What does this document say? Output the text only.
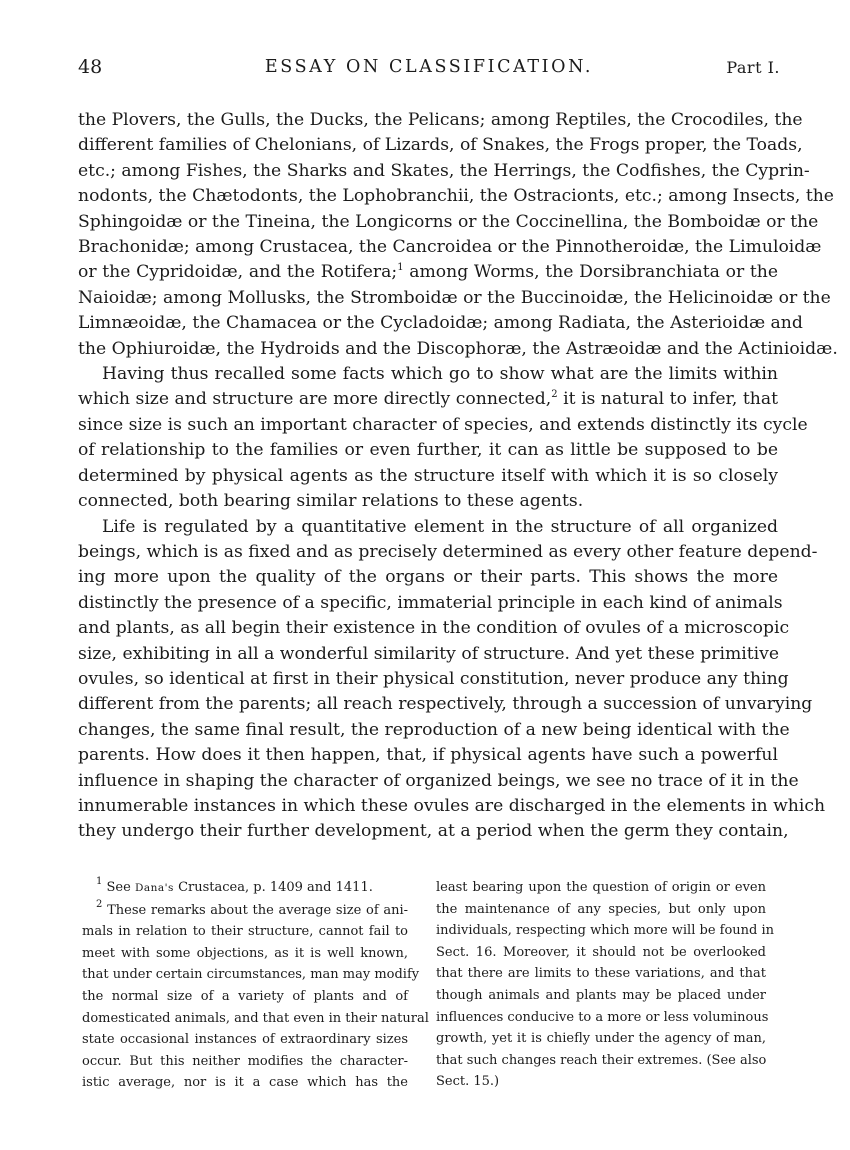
48	ESSAY ON CLASSIFICATION.	Part I.
the Plovers, the Gulls, the Ducks, the Pelicans; among Reptiles, the Crocodiles, the
different families of Chelonians, of Lizards, of Snakes, the Frogs proper, the Toads,
etc.; among Fishes, the Sharks and Skates, the Herrings, the Codfishes, the Cyprin-
nodonts, the Chætodonts, the Lophobranchii, the Ostracionts, etc.; among Insects, the
Sphingoidæ or the Tineina, the Longicorns or the Coccinellina, the Bomboidæ or the
Brachonidæ; among Crustacea, the Cancroidea or the Pinnotheroidæ, the Limuloidæ
or the Cypridoidæ, and the Rotifera;$^1$ among Worms, the Dorsibranchiata or the
Naioidæ; among Mollusks, the Stromboidæ or the Buccinoidæ, the Helicinoidæ or the
Limnæoidæ, the Chamacea or the Cycladoidæ; among Radiata, the Asterioidæ and
the Ophiuroidæ, the Hydroids and the Discophoræ, the Astræoidæ and the Actinioidæ.
Having thus recalled some facts which go to show what are the limits within
which size and structure are more directly connected,$^2$ it is natural to infer, that
since size is such an important character of species, and extends distinctly its cycle
of relationship to the families or even further, it can as little be supposed to be
determined by physical agents as the structure itself with which it is so closely
connected, both bearing similar relations to these agents.
Life is regulated by a quantitative element in the structure of all organized
beings, which is as fixed and as precisely determined as every other feature depend-
ing more upon the quality of the organs or their parts. This shows the more
distinctly the presence of a specific, immaterial principle in each kind of animals
and plants, as all begin their existence in the condition of ovules of a microscopic
size, exhibiting in all a wonderful similarity of structure. And yet these primitive
ovules, so identical at first in their physical constitution, never produce any thing
different from the parents; all reach respectively, through a succession of unvarying
changes, the same final result, the reproduction of a new being identical with the
parents. How does it then happen, that, if physical agents have such a powerful
influence in shaping the character of organized beings, we see no trace of it in the
innumerable instances in which these ovules are discharged in the elements in which
they undergo their further development, at a period when the germ they contain,
$^1$ See Dana's Crustacea, p. 1409 and 1411.
$^2$ These remarks about the average size of ani-
mals in relation to their structure, cannot fail to
meet with some objections, as it is well known,
that under certain circumstances, man may modify
the normal size of a variety of plants and of
domesticated animals, and that even in their natural
state occasional instances of extraordinary sizes
occur. But this neither modifies the character-
istic average, nor is it a case which has the
least bearing upon the question of origin or even
the maintenance of any species, but only upon
individuals, respecting which more will be found in
Sect. 16. Moreover, it should not be overlooked
that there are limits to these variations, and that
though animals and plants may be placed under
influences conducive to a more or less voluminous
growth, yet it is chiefly under the agency of man,
that such changes reach their extremes. (See also
Sect. 15.)
